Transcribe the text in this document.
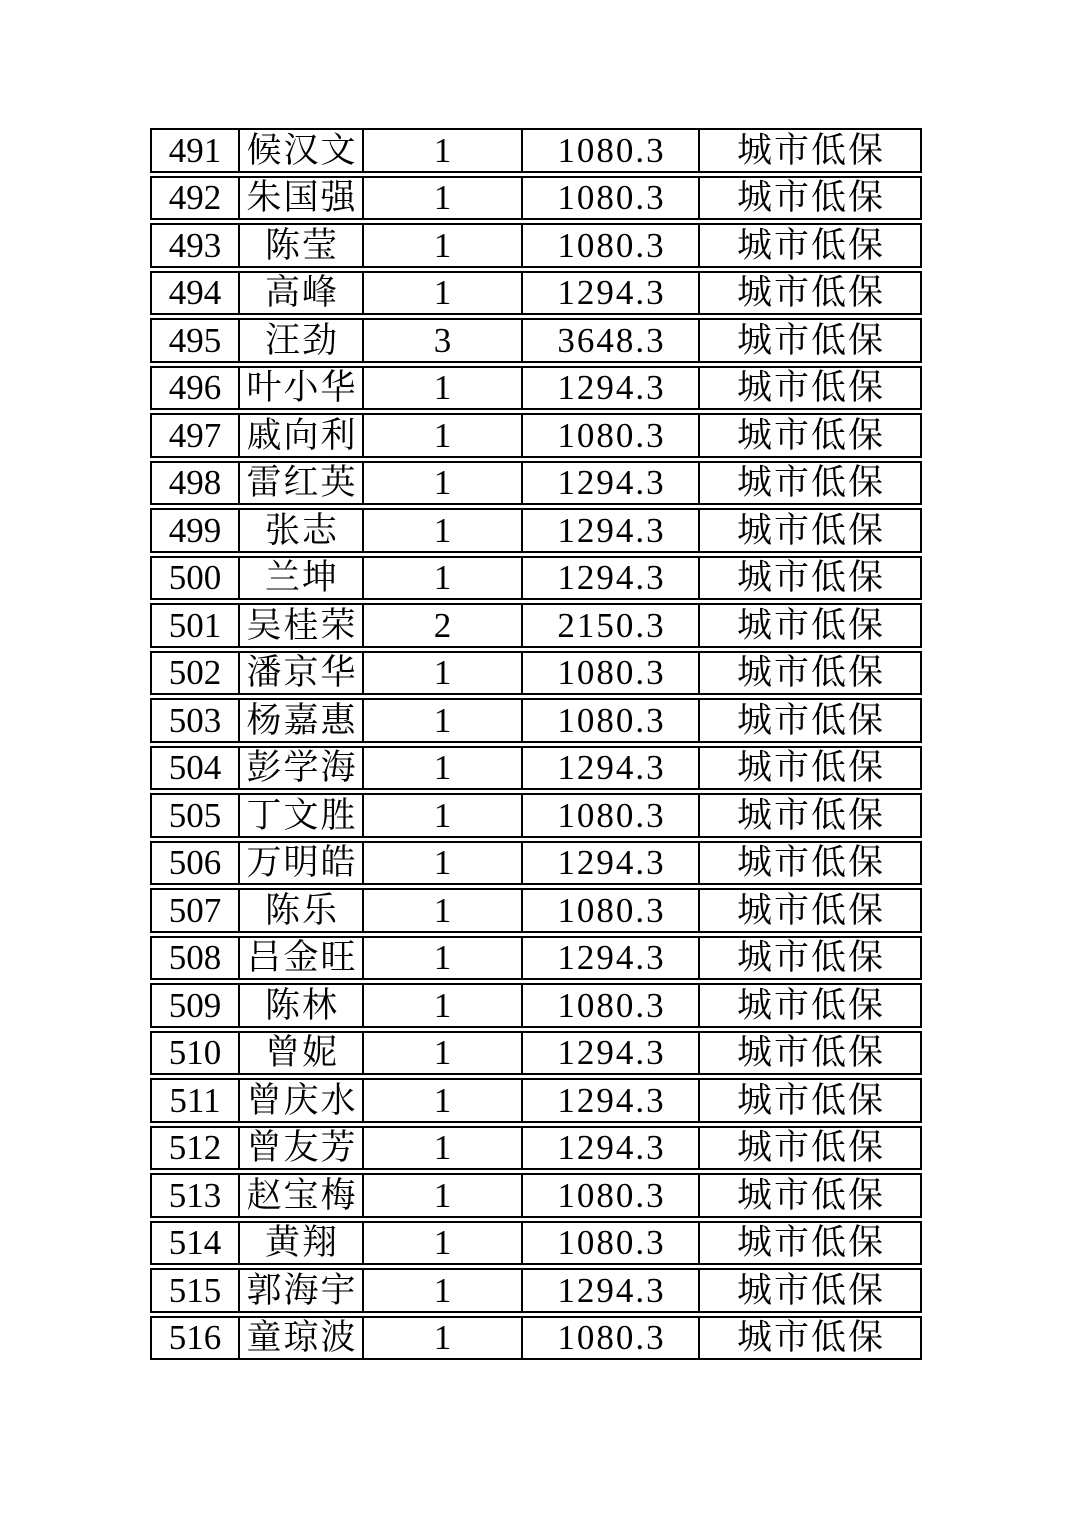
491 候汉文	1	1080.3	城市低保
492 朱国强	1	1080.3	城市低保
493	陈莹	1	1080.3	城市低保
494	高峰	1	1294.3	城市低保
495	汪劲	3	3648.3	城市低保
496 叶小华	1	1294.3	城市低保
497 戚向利	1	1080.3	城市低保
498 雷红英	1	1294.3	城市低保
499	张志	1	1294.3	城市低保
500	兰坤	1	1294.3	城市低保
501 吴桂荣	2	2150.3	城市低保
502 潘京华	1	1080.3	城市低保
503 杨嘉惠	1	1080.3	城市低保
504 彭学海	1	1294.3	城市低保
505 丁文胜	1	1080.3	城市低保
506 万明皓	1	1294.3	城市低保
507	陈乐	1	1080.3	城市低保
508 吕金旺	1	1294.3	城市低保
509	陈林	1	1080.3	城市低保
510	曾妮	1	1294.3	城市低保
511 曾庆水	1	1294.3	城市低保
512 曾友芳	1	1294.3	城市低保
513 赵宝梅	1	1080.3	城市低保
514	黄翔	1	1080.3	城市低保
515 郭海宇	1	1294.3	城市低保
516 童琼波	1	1080.3	城市低保
